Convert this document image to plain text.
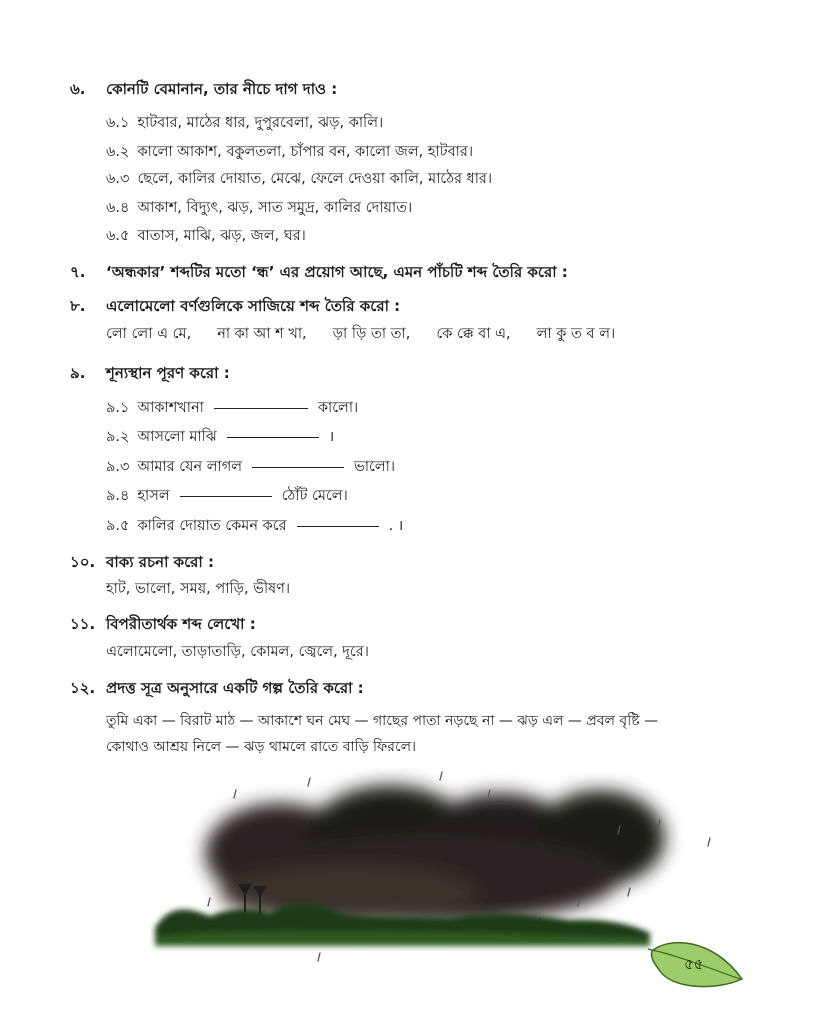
৬.	কোনটি বেমানান, তার নীচে দাগ দাও :
৬.১ হাটবার, মাঠের ধার, দুপুরবেলা, ঝড়, কালি।
৬.২ কালো আকাশ, বকুলতলা, চাঁপার বন, কালো জল, হাটবার।
৬.৩ ছেলে, কালির দোয়াত, মেঝে, ফেলে দেওয়া কালি, মাঠের ধার।
৬.৪ আকাশ, বিদ্যুৎ, ঝড়, সাত সমুদ্র, কালির দোয়াত।
৬.৫ বাতাস, মাঝি, ঝড়, জল, ঘর।
৭.	‘অন্ধকার’ শব্দটির মতো ‘ন্ধ’ এর প্রয়োগ আছে, এমন পাঁচটি শব্দ তৈরি করো :
৮.	এলোমেলো বর্ণগুলিকে সাজিয়ে শব্দ তৈরি করো :
লো লো এ মে, না কা আ শ খা, ড়া ড়ি তা তা, কে ক্কে বা এ, লা কু ত ব ল।
৯.	শূন্যস্থান পূরণ করো :
৯.১ আকাশখানা	কালো।
৯.২ আসলো মাঝি	।
৯.৩ আমার যেন লাগল	ভালো।
৯.৪ হাসল	ঠোঁট মেলে।
৯.৫ কালির দোয়াত কেমন করে	. ।
১০. বাক্য রচনা করো :
হাট, ভালো, সময়, পাড়ি, ভীষণ।
১১. বিপরীতার্থক শব্দ লেখো :
এলোমেলো, তাড়াতাড়ি, কোমল, জ্বেলে, দূরে।
১২. প্রদত্ত সূত্র অনুসারে একটি গল্প তৈরি করো :
তুমি একা — বিরাট মাঠ — আকাশে ঘন মেঘ — গাছের পাতা নড়ছে না — ঝড় এল — প্রবল বৃষ্টি —
কোথাও আশ্রয় নিলে — ঝড় থামলে রাতে বাড়ি ফিরলে।
৫৫
